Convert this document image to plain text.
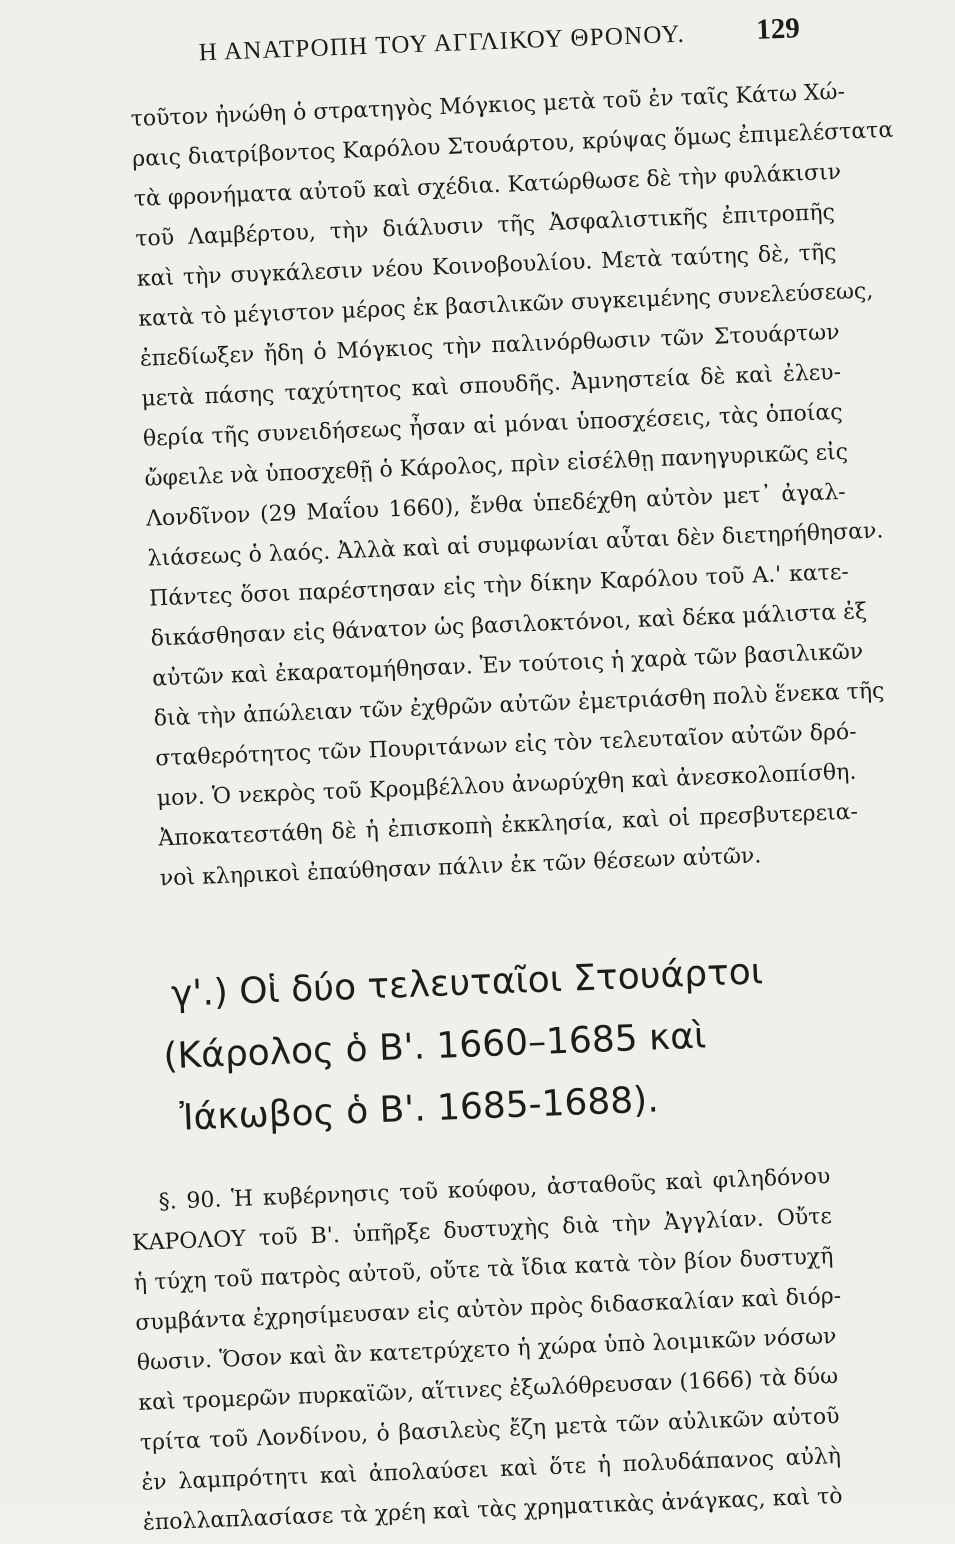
Η ΑΝΑΤΡΟΠΗ ΤΟΥ ΑΓΓΛΙΚΟΥ ΘΡΟΝΟΥ. 129
τοῦτον ἠνώθη ὁ στρατηγὸς Μόγκιος μετὰ τοῦ ἐν ταῖς Κάτω Χώ-
ραις διατρίβοντος Καρόλου Στουάρτου, κρύψας ὅμως ἐπιμελέστατα
τὰ φρονήματα αὐτοῦ καὶ σχέδια. Κατώρθωσε δὲ τὴν φυλάκισιν
τοῦ Λαμβέρτου, τὴν διάλυσιν τῆς Ἀσφαλιστικῆς ἐπιτροπῆς
καὶ τὴν συγκάλεσιν νέου Κοινοβουλίου. Μετὰ ταύτης δὲ, τῆς
κατὰ τὸ μέγιστον μέρος ἐκ βασιλικῶν συγκειμένης συνελεύσεως,
ἐπεδίωξεν ἤδη ὁ Μόγκιος τὴν παλινόρθωσιν τῶν Στουάρτων
μετὰ πάσης ταχύτητος καὶ σπουδῆς. Ἀμνηστεία δὲ καὶ ἐλευ-
θερία τῆς συνειδήσεως ἦσαν αἱ μόναι ὑποσχέσεις, τὰς ὁποίας
ὤφειλε νὰ ὑποσχεθῇ ὁ Κάρολος, πρὶν εἰσέλθῃ πανηγυρικῶς εἰς
Λονδῖνον (29 Μαΐου 1660), ἔνθα ὑπεδέχθη αὐτὸν μετ᾽ ἀγαλ-
λιάσεως ὁ λαός. Ἀλλὰ καὶ αἱ συμφωνίαι αὗται δὲν διετηρήθησαν.
Πάντες ὅσοι παρέστησαν εἰς τὴν δίκην Καρόλου τοῦ Α.' κατε-
δικάσθησαν εἰς θάνατον ὡς βασιλοκτόνοι, καὶ δέκα μάλιστα ἐξ
αὐτῶν καὶ ἐκαρατομήθησαν. Ἐν τούτοις ἡ χαρὰ τῶν βασιλικῶν
διὰ τὴν ἀπώλειαν τῶν ἐχθρῶν αὐτῶν ἐμετριάσθη πολὺ ἕνεκα τῆς
σταθερότητος τῶν Πουριτάνων εἰς τὸν τελευταῖον αὐτῶν δρό-
μον. Ὁ νεκρὸς τοῦ Κρομβέλλου ἀνωρύχθη καὶ ἀνεσκολοπίσθη.
Ἀποκατεστάθη δὲ ἡ ἐπισκοπὴ ἐκκλησία, καὶ οἱ πρεσβυτερεια-
νοὶ κληρικοὶ ἐπαύθησαν πάλιν ἐκ τῶν θέσεων αὐτῶν.
γ'.) Οἱ δύο τελευταῖοι Στουάρτοι
(Κάρολος ὁ Β'. 1660–1685 καὶ
Ἰάκωβος ὁ Β'. 1685-1688).
§. 90. Ἡ κυβέρνησις τοῦ κούφου, ἀσταθοῦς καὶ φιληδόνου
ΚΑΡΟΛΟΥ τοῦ Β'. ὑπῆρξε δυστυχὴς διὰ τὴν Ἀγγλίαν. Οὔτε
ἡ τύχη τοῦ πατρὸς αὐτοῦ, οὔτε τὰ ἴδια κατὰ τὸν βίον δυστυχῆ
συμβάντα ἐχρησίμευσαν εἰς αὐτὸν πρὸς διδασκαλίαν καὶ διόρ-
θωσιν. Ὅσον καὶ ἂν κατετρύχετο ἡ χώρα ὑπὸ λοιμικῶν νόσων
καὶ τρομερῶν πυρκαϊῶν, αἵτινες ἐξωλόθρευσαν (1666) τὰ δύω
τρίτα τοῦ Λονδίνου, ὁ βασιλεὺς ἔζη μετὰ τῶν αὐλικῶν αὐτοῦ
ἐν λαμπρότητι καὶ ἀπολαύσει καὶ ὅτε ἡ πολυδάπανος αὐλὴ
ἐπολλαπλασίασε τὰ χρέη καὶ τὰς χρηματικὰς ἀνάγκας, καὶ τὸ
